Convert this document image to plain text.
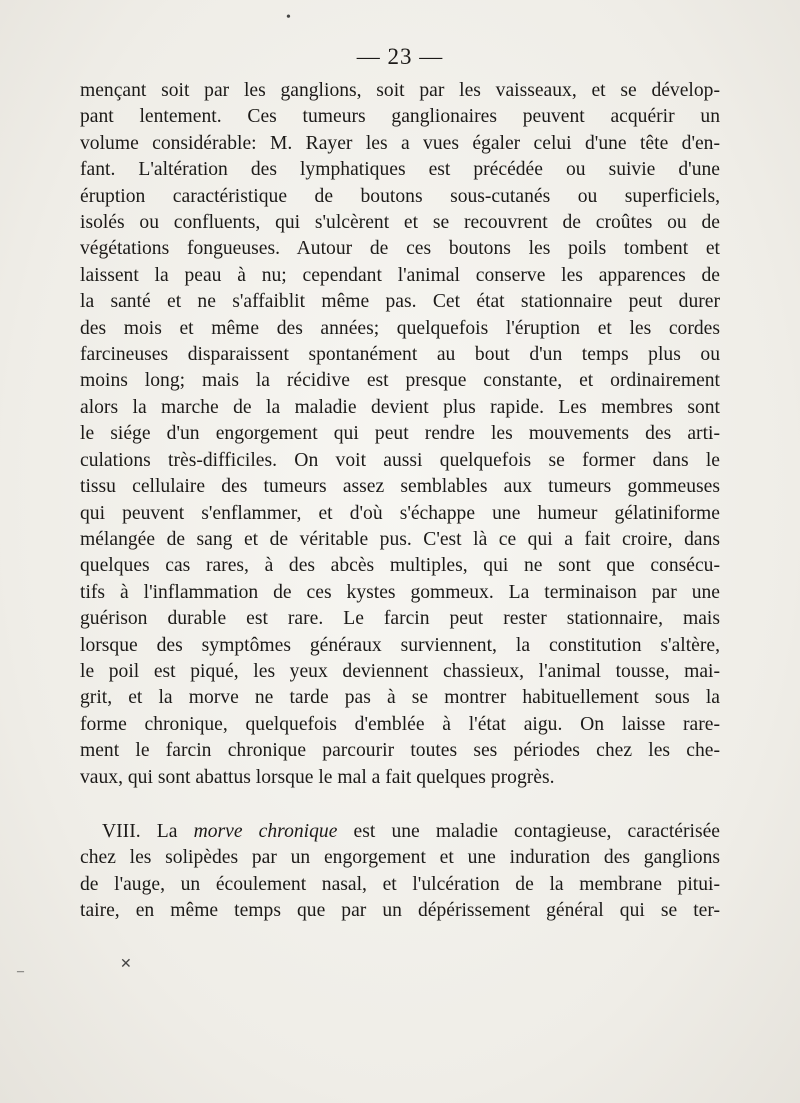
— 23 —
mençant soit par les ganglions, soit par les vaisseaux, et se dévelop-
pant lentement. Ces tumeurs ganglionaires peuvent acquérir un
volume considérable: M. Rayer les a vues égaler celui d'une tête d'en-
fant. L'altération des lymphatiques est précédée ou suivie d'une
éruption caractéristique de boutons sous-cutanés ou superficiels,
isolés ou confluents, qui s'ulcèrent et se recouvrent de croûtes ou de
végétations fongueuses. Autour de ces boutons les poils tombent et
laissent la peau à nu; cependant l'animal conserve les apparences de
la santé et ne s'affaiblit même pas. Cet état stationnaire peut durer
des mois et même des années; quelquefois l'éruption et les cordes
farcineuses disparaissent spontanément au bout d'un temps plus ou
moins long; mais la récidive est presque constante, et ordinairement
alors la marche de la maladie devient plus rapide. Les membres sont
le siége d'un engorgement qui peut rendre les mouvements des arti-
culations très-difficiles. On voit aussi quelquefois se former dans le
tissu cellulaire des tumeurs assez semblables aux tumeurs gommeuses
qui peuvent s'enflammer, et d'où s'échappe une humeur gélatiniforme
mélangée de sang et de véritable pus. C'est là ce qui a fait croire, dans
quelques cas rares, à des abcès multiples, qui ne sont que consécu-
tifs à l'inflammation de ces kystes gommeux. La terminaison par une
guérison durable est rare. Le farcin peut rester stationnaire, mais
lorsque des symptômes généraux surviennent, la constitution s'altère,
le poil est piqué, les yeux deviennent chassieux, l'animal tousse, mai-
grit, et la morve ne tarde pas à se montrer habituellement sous la
forme chronique, quelquefois d'emblée à l'état aigu. On laisse rare-
ment le farcin chronique parcourir toutes ses périodes chez les che-
vaux, qui sont abattus lorsque le mal a fait quelques progrès.
VIII. La morve chronique est une maladie contagieuse, caractérisée
chez les solipèdes par un engorgement et une induration des ganglions
de l'auge, un écoulement nasal, et l'ulcération de la membrane pitui-
taire, en même temps que par un dépérissement général qui se ter-
•
✕
–
